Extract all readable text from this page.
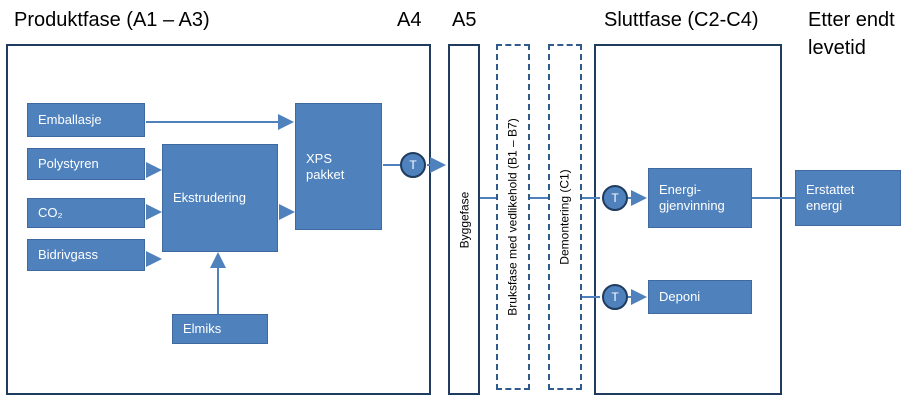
Produktfase (A1 – A3)	A4 A5	Sluttfase (C2-C4) Etter endt
levetid
Byggefase	Bruksfase med vedlikehold (B1 – B7)	Demontering (C1)
Emballasje
Polystyren
CO₂
Bidrivgass
Elmiks
Ekstrudering
XPS
pakket
T
T
T
Energi-
gjenvinning
Deponi
Erstattet
energi
